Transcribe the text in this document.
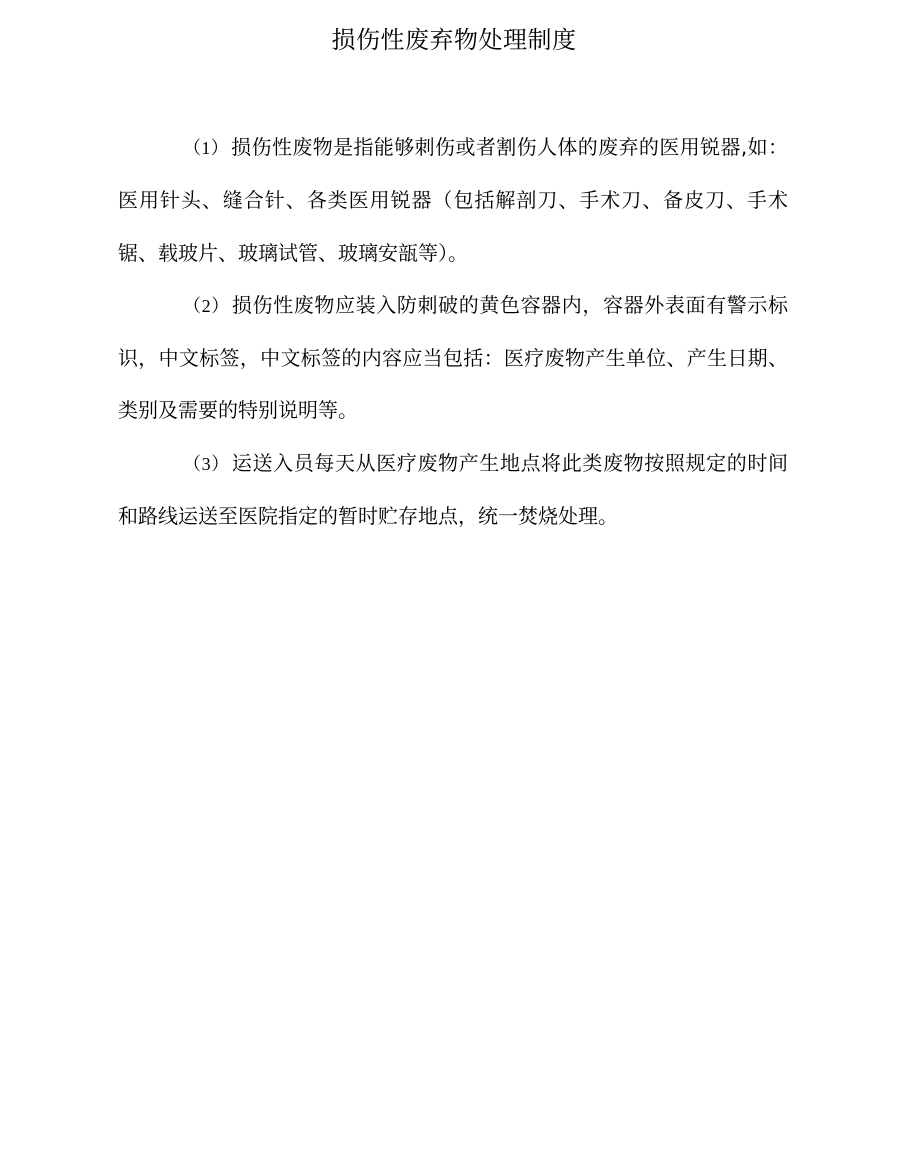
损伤性废弃物处理制度

（1） 损伤性废物是指能够刺伤或者割伤人体的废弃的医用锐器,如：医用针头、缝合针、各类医用锐器（包括解剖刀、手术刀、备皮刀、手术锯、载玻片、玻璃试管、玻璃安瓿等）。

（2） 损伤性废物应装入防刺破的黄色容器内，容器外表面有警示标识，中文标签，中文标签的内容应当包括：医疗废物产生单位、产生日期、类别及需要的特别说明等。

（3） 运送入员每天从医疗废物产生地点将此类废物按照规定的时间和路线运送至医院指定的暂时贮存地点，统一焚烧处理。
